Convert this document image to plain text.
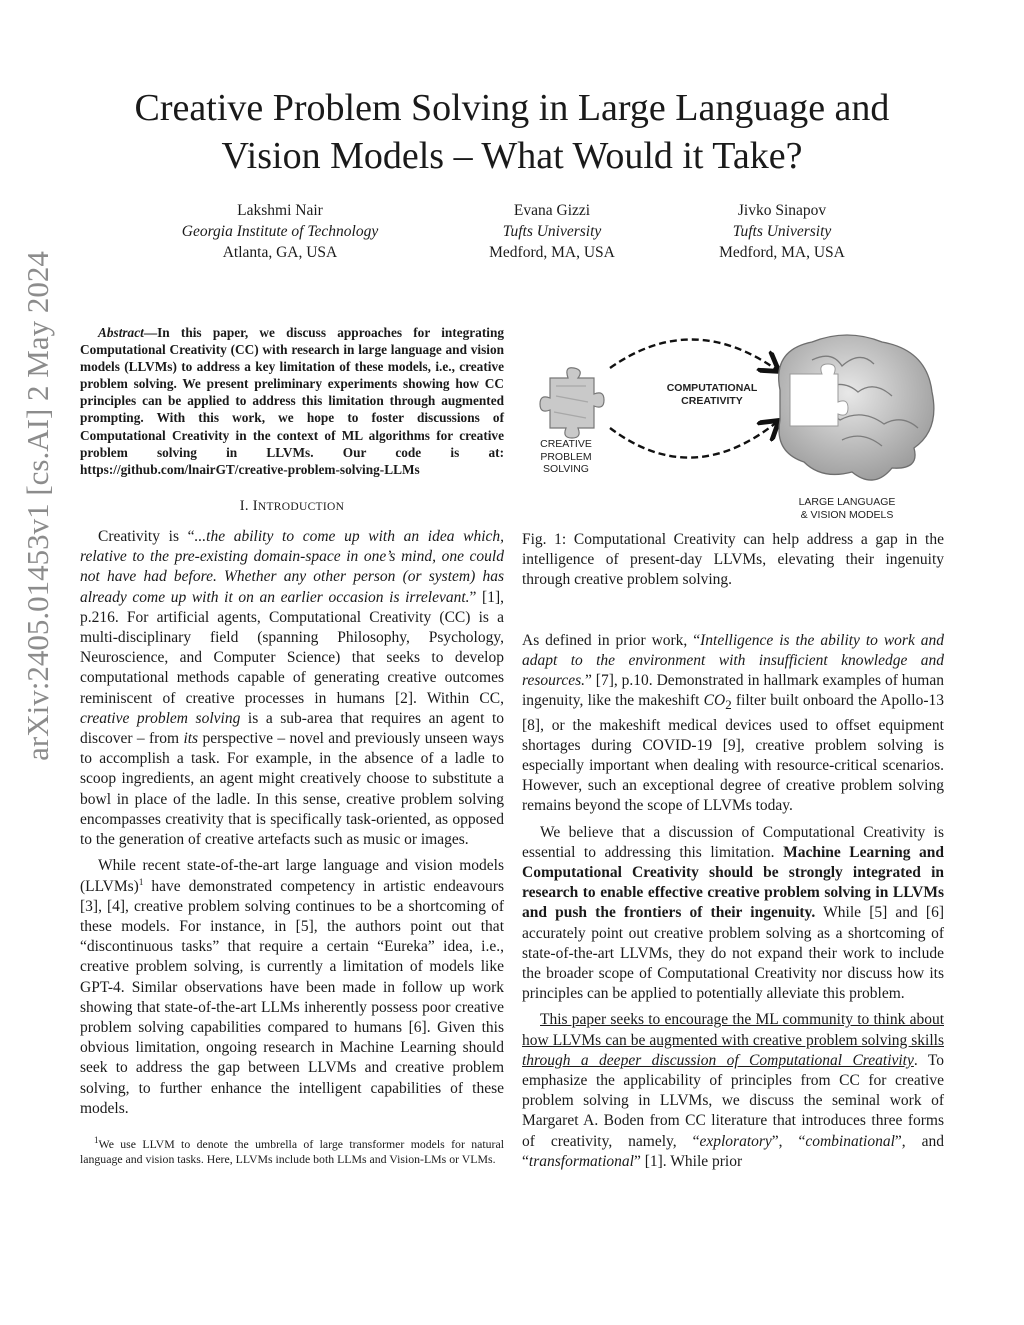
arXiv:2405.01453v1 [cs.AI] 2 May 2024
Creative Problem Solving in Large Language and
Vision Models – What Would it Take?
Lakshmi Nair
Georgia Institute of Technology
Atlanta, GA, USA
Evana Gizzi
Tufts University
Medford, MA, USA
Jivko Sinapov
Tufts University
Medford, MA, USA

Abstract—In this paper, we discuss approaches for integrating Computational Creativity (CC) with research in large language and vision models (LLVMs) to address a key limitation of these models, i.e., creative problem solving. We present preliminary experiments showing how CC principles can be applied to address this limitation through augmented prompting. With this work, we hope to foster discussions of Computational Creativity in the context of ML algorithms for creative problem solving in LLVMs. Our code is at: https://github.com/lnairGT/creative-problem-solving-LLMs

I. INTRODUCTION

Creativity is “...the ability to come up with an idea which, relative to the pre-existing domain-space in one’s mind, one could not have had before. Whether any other person (or system) has already come up with it on an earlier occasion is irrelevant.” [1], p.216. For artificial agents, Computational Creativity (CC) is a multi-disciplinary field (spanning Philosophy, Psychology, Neuroscience, and Computer Science) that seeks to develop computational methods capable of generating creative outcomes reminiscent of creative processes in humans [2]. Within CC, creative problem solving is a sub-area that requires an agent to discover – from its perspective – novel and previously unseen ways to accomplish a task. For example, in the absence of a ladle to scoop ingredients, an agent might creatively choose to substitute a bowl in place of the ladle. In this sense, creative problem solving encompasses creativity that is specifically task-oriented, as opposed to the generation of creative artefacts such as music or images.

While recent state-of-the-art large language and vision models (LLVMs)$^1$ have demonstrated competency in artistic endeavours [3], [4], creative problem solving continues to be a shortcoming of these models. For instance, in [5], the authors point out that “discontinuous tasks” that require a certain “Eureka” idea, i.e., creative problem solving, is currently a limitation of models like GPT-4. Similar observations have been made in follow up work showing that state-of-the-art LLMs inherently possess poor creative problem solving capabilities compared to humans [6]. Given this obvious limitation, ongoing research in Machine Learning should seek to address the gap between LLVMs and creative problem solving, to further enhance the intelligent capabilities of these models.

$^1$We use LLVM to denote the umbrella of large transformer models for natural language and vision tasks. Here, LLVMs include both LLMs and Vision-LMs or VLMs.
COMPUTATIONAL
CREATIVITY
CREATIVE
PROBLEM
SOLVING
LARGE LANGUAGE
& VISION MODELS

Fig. 1: Computational Creativity can help address a gap in the intelligence of present-day LLVMs, elevating their ingenuity through creative problem solving.

As defined in prior work, “Intelligence is the ability to work and adapt to the environment with insufficient knowledge and resources.” [7], p.10. Demonstrated in hallmark examples of human ingenuity, like the makeshift $CO_2$ filter built onboard the Apollo-13 [8], or the makeshift medical devices used to offset equipment shortages during COVID-19 [9], creative problem solving is especially important when dealing with resource-critical scenarios. However, such an exceptional degree of creative problem solving remains beyond the scope of LLVMs today.

We believe that a discussion of Computational Creativity is essential to addressing this limitation. Machine Learning and Computational Creativity should be strongly integrated in research to enable effective creative problem solving in LLVMs and push the frontiers of their ingenuity. While [5] and [6] accurately point out creative problem solving as a shortcoming of state-of-the-art LLVMs, they do not expand their work to include the broader scope of Computational Creativity nor discuss how its principles can be applied to potentially alleviate this problem.

This paper seeks to encourage the ML community to think about how LLVMs can be augmented with creative problem solving skills through a deeper discussion of Computational Creativity. To emphasize the applicability of principles from CC for creative problem solving in LLVMs, we discuss the seminal work of Margaret A. Boden from CC literature that introduces three forms of creativity, namely, “exploratory”, “combinational”, and “transformational” [1]. While prior
